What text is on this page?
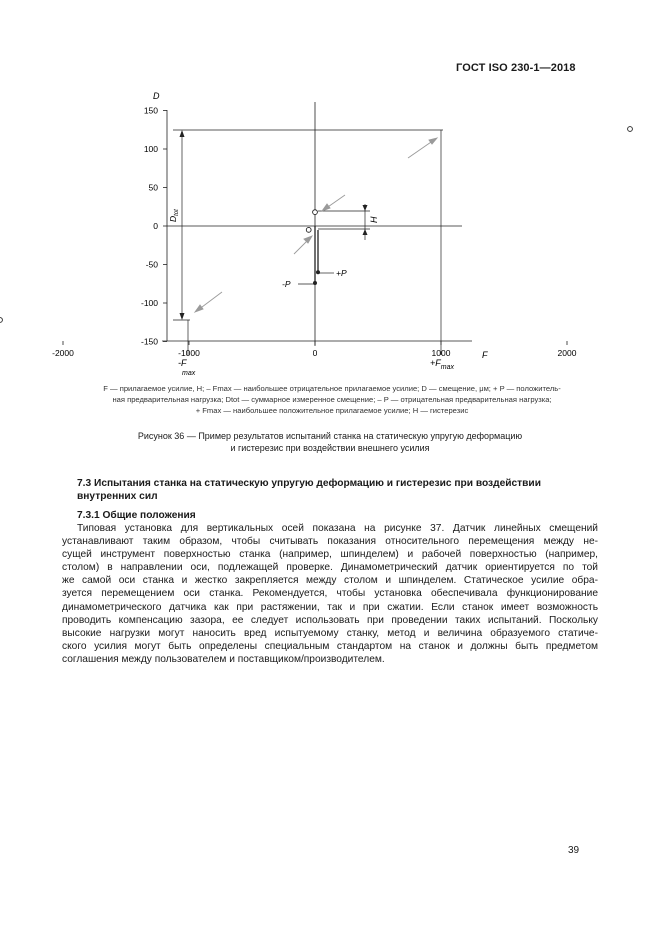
ГОСТ ISO 230-1—2018
$D_{tot}$
H
+P
-P
D
F
-F max
$+F_{max}$
150
100
50
0
-50
-100
-150
-2000	-1000	0	1000	2000
F — прилагаемое усилие, Н; – Fmax — наибольшее отрицательное прилагаемое усилие; D — смещение, μм; + P — положитель-
ная предварительная нагрузка; Dtot — суммарное измеренное смещение; – P — отрицательная предварительная нагрузка;
+ Fmax — наибольшее положительное прилагаемое усилие; H — гистерезис
Рисунок 36 — Пример результатов испытаний станка на статическую упругую деформацию
и гистерезис при воздействии внешнего усилия
7.3 Испытания станка на статическую упругую деформацию и гистерезис при воздействии
внутренних сил
7.3.1 Общие положения
Типовая установка для вертикальных осей показана на рисунке 37. Датчик линейных смещений
устанавливают таким образом, чтобы считывать показания относительного перемещения между не-
сущей инструмент поверхностью станка (например, шпинделем) и рабочей поверхностью (например,
столом) в направлении оси, подлежащей проверке. Динамометрический датчик ориентируется по той
же самой оси станка и жестко закрепляется между столом и шпинделем. Статическое усилие обра-
зуется перемещением оси станка. Рекомендуется, чтобы установка обеспечивала функционирование
динамометрического датчика как при растяжении, так и при сжатии. Если станок имеет возможность
проводить компенсацию зазора, ее следует использовать при проведении таких испытаний. Поскольку
высокие нагрузки могут наносить вред испытуемому станку, метод и величина образуемого статиче-
ского усилия могут быть определены специальным стандартом на станок и должны быть предметом
соглашения между пользователем и поставщиком/производителем.
39
